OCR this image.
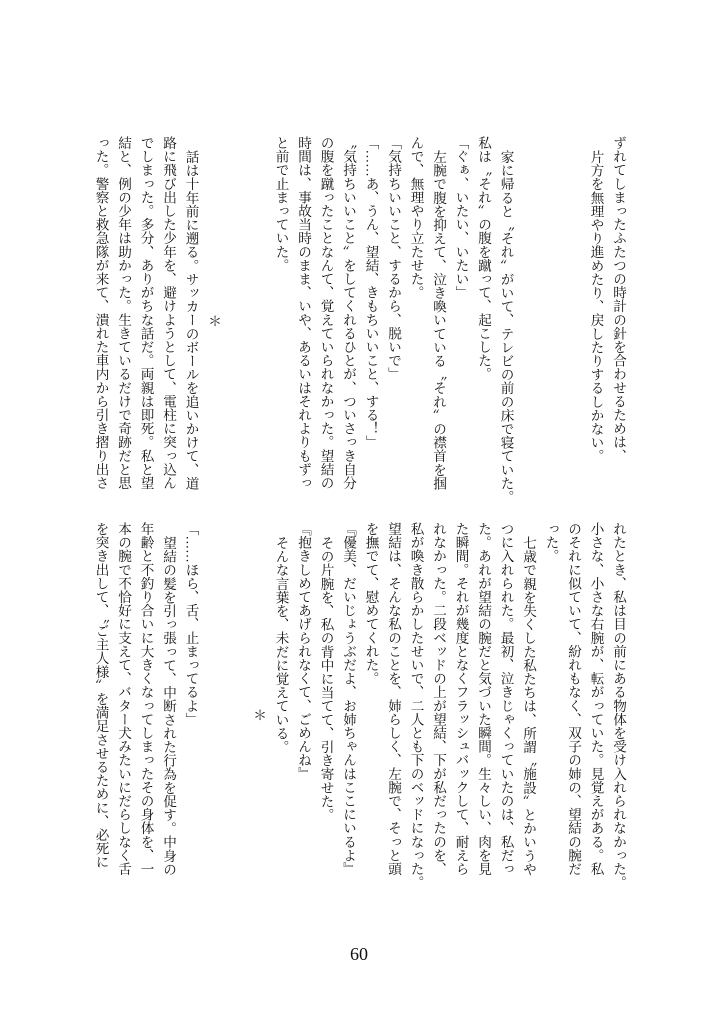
ずれてしまったふたつの時計の針を合わせるためは、
片方を無理やり進めたり、戻したりするしかない。
家に帰ると〝それ〞がいて、テレビの前の床で寝ていた。
私は〝それ〞の腹を蹴って、起こした。
「ぐぁ、いたい、いたい」
左腕で腹を抑えて、泣き喚いている〝それ〞の襟首を掴
んで、無理やり立たせた。
「気持ちいいこと、するから、脱いで」
「……あ、うん、望結、きもちいいこと、する！」
〝気持ちいいこと〞をしてくれるひとが、ついさっき自分
の腹を蹴ったことなんて、覚えていられなかった。望結の
時間は、事故当時のまま、いや、あるいはそれよりもずっ
と前で止まっていた。
＊
話は十年前に遡る。サッカーのボールを追いかけて、道
路に飛び出した少年を、避けようとして、電柱に突っ込ん
でしまった。多分、ありがちな話だ。両親は即死。私と望
結と、例の少年は助かった。生きているだけで奇跡だと思
った。警察と救急隊が来て、潰れた車内から引き摺り出さ
れたとき、私は目の前にある物体を受け入れられなかった。
小さな、小さな右腕が、転がっていた。見覚えがある。私
のそれに似ていて、紛れもなく、双子の姉の、望結の腕だ
った。
七歳で親を失くした私たちは、所謂〝施設〞とかいうや
つに入れられた。最初、泣きじゃくっていたのは、私だっ
た。あれが望結の腕だと気づいた瞬間。生々しい、肉を見
た瞬間。それが幾度となくフラッシュバックして、耐えら
れなかった。二段ベッドの上が望結、下が私だったのを、
私が喚き散らかしたせいで、二人とも下のベッドになった。
望結は、そんな私のことを、姉らしく、左腕で、そっと頭
を撫でて、慰めてくれた。
『優美、だいじょうぶだよ、お姉ちゃんはここにいるよ』
その片腕を、私の背中に当てて、引き寄せた。
『抱きしめてあげられなくて、ごめんね』
そんな言葉を、未だに覚えている。
＊
「……ほら、舌、止まってるよ」
望結の髪を引っ張って、中断された行為を促す。中身の
年齢と不釣り合いに大きくなってしまったその身体を、一
本の腕で不恰好に支えて、バター犬みたいにだらしなく舌
を突き出して、〝ご主人様〞を満足させるために、必死に
60
